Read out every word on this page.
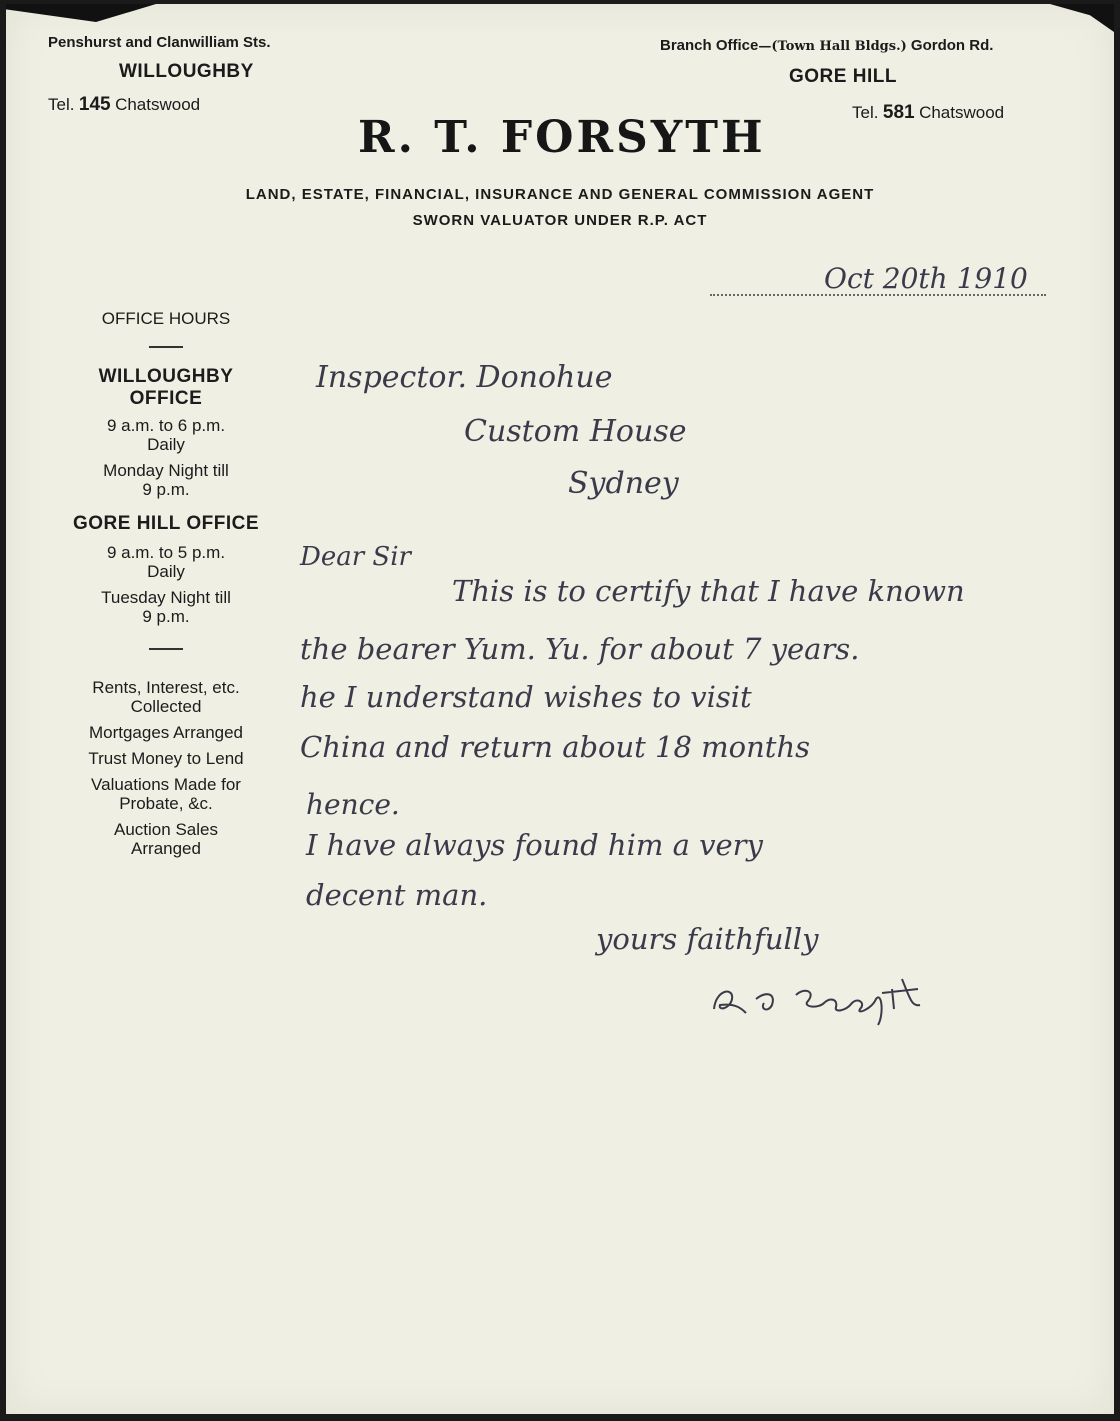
Penshurst and Clanwilliam Sts.
WILLOUGHBY
Tel. 145 Chatswood
Branch Office—(Town Hall Bldgs.) Gordon Rd.
GORE HILL
Tel. 581 Chatswood
R. T. FORSYTH
LAND, ESTATE, FINANCIAL, INSURANCE AND GENERAL COMMISSION AGENT
SWORN VALUATOR UNDER R.P. ACT
Oct 20th 1910
OFFICE HOURS
WILLOUGHBY
OFFICE
9 a.m. to 6 p.m.
Daily
Monday Night till
9 p.m.
GORE HILL OFFICE
9 a.m. to 5 p.m.
Daily
Tuesday Night till
9 p.m.
Rents, Interest, etc.
Collected
Mortgages Arranged
Trust Money to Lend
Valuations Made for
Probate, &c.
Auction Sales
Arranged
Inspector. Donohue
Custom House
Sydney
Dear Sir
This is to certify that I have known
the bearer Yum. Yu. for about 7 years.
he I understand wishes to visit
China and return about 18 months
hence.
I have always found him a very
decent man.
yours faithfully
